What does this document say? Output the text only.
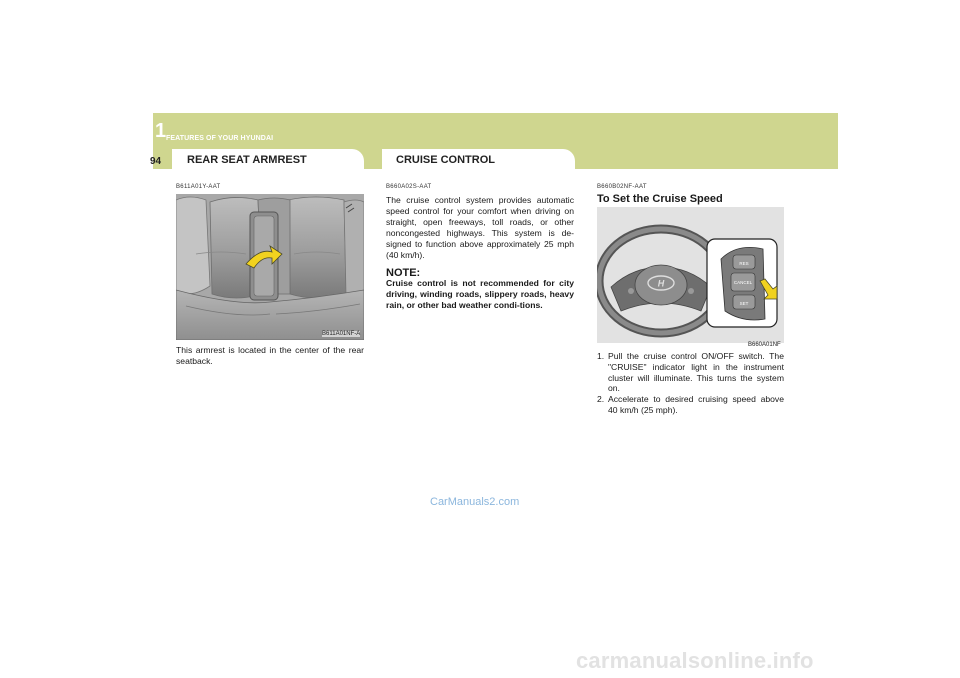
1 FEATURES OF YOUR HYUNDAI
94 REAR SEAT ARMREST	CRUISE CONTROL
B611A01Y-AAT
B611A01NF-A
This armrest is located in the center of the rear seatback.
B660A02S-AAT
The cruise control system provides automatic speed control for your comfort when driving on straight, open freeways, toll roads, or other noncongested highways. This system is de-signed to function above approximately 25 mph (40 km/h).
NOTE:
Cruise control is not recommended for city driving, winding roads, slippery roads, heavy rain, or other bad weather condi-tions.
B660B02NF-AAT
To Set the Cruise Speed
H
RES
CANCEL
SET
B660A01NF
1. Pull the cruise control ON/OFF switch. The "CRUISE" indicator light in the instrument cluster will illuminate. This turns the system on.
2. Accelerate to desired cruising speed above 40 km/h (25 mph).
CarManuals2.com
carmanualsonline.info
